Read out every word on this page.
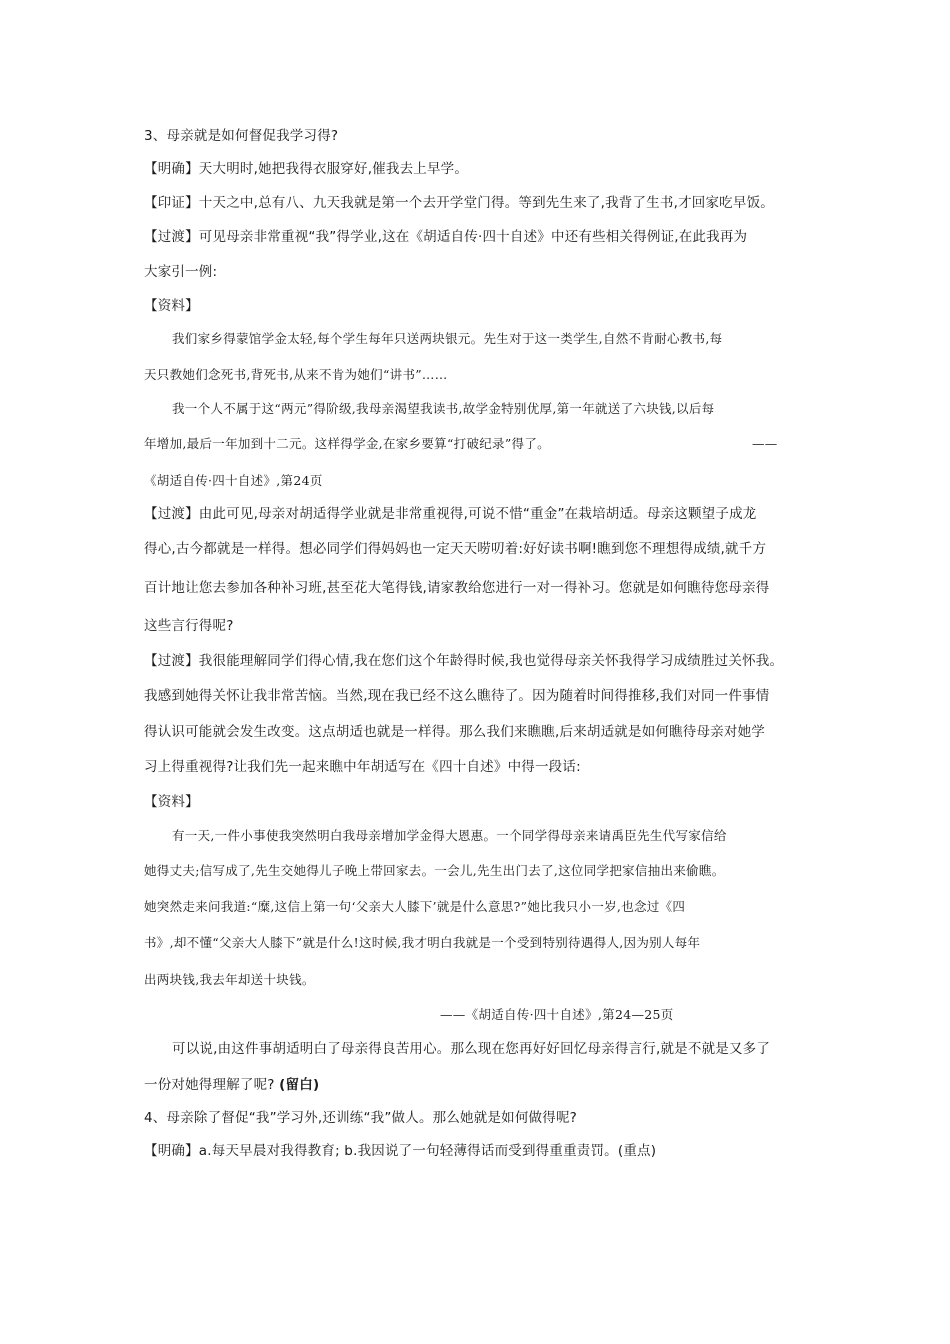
3、母亲就是如何督促我学习得?
【明确】天大明时,她把我得衣服穿好,催我去上早学。
【印证】十天之中,总有八、九天我就是第一个去开学堂门得。等到先生来了,我背了生书,才回家吃早饭。
【过渡】可见母亲非常重视“我”得学业,这在《胡适自传·四十自述》中还有些相关得例证,在此我再为
大家引一例:
【资料】
我们家乡得蒙馆学金太轻,每个学生每年只送两块银元。先生对于这一类学生,自然不肯耐心教书,每
天只教她们念死书,背死书,从来不肯为她们“讲书”……
我一个人不属于这“两元”得阶级,我母亲渴望我读书,故学金特别优厚,第一年就送了六块钱,以后每
年增加,最后一年加到十二元。这样得学金,在家乡要算“打破纪录”得了。	——
《胡适自传·四十自述》,第24页
【过渡】由此可见,母亲对胡适得学业就是非常重视得,可说不惜“重金”在栽培胡适。母亲这颗望子成龙
得心,古今都就是一样得。想必同学们得妈妈也一定天天唠叨着:好好读书啊!瞧到您不理想得成绩,就千方
百计地让您去参加各种补习班,甚至花大笔得钱,请家教给您进行一对一得补习。您就是如何瞧待您母亲得
这些言行得呢?
【过渡】我很能理解同学们得心情,我在您们这个年龄得时候,我也觉得母亲关怀我得学习成绩胜过关怀我。
我感到她得关怀让我非常苦恼。当然,现在我已经不这么瞧待了。因为随着时间得推移,我们对同一件事情
得认识可能就会发生改变。这点胡适也就是一样得。那么我们来瞧瞧,后来胡适就是如何瞧待母亲对她学
习上得重视得?让我们先一起来瞧中年胡适写在《四十自述》中得一段话:
【资料】
有一天,一件小事使我突然明白我母亲增加学金得大恩惠。一个同学得母亲来请禹臣先生代写家信给
她得丈夫;信写成了,先生交她得儿子晚上带回家去。一会儿,先生出门去了,这位同学把家信抽出来偷瞧。
她突然走来问我道:“糜,这信上第一句‘父亲大人膝下’就是什么意思?”她比我只小一岁,也念过《四
书》,却不懂“父亲大人膝下”就是什么!这时候,我才明白我就是一个受到特别待遇得人,因为别人每年
出两块钱,我去年却送十块钱。
——《胡适自传·四十自述》,第24—25页
可以说,由这件事胡适明白了母亲得良苦用心。那么现在您再好好回忆母亲得言行,就是不就是又多了
一份对她得理解了呢? (留白)
4、母亲除了督促“我”学习外,还训练“我”做人。那么她就是如何做得呢?
【明确】a.每天早晨对我得教育; b.我因说了一句轻薄得话而受到得重重责罚。(重点)
